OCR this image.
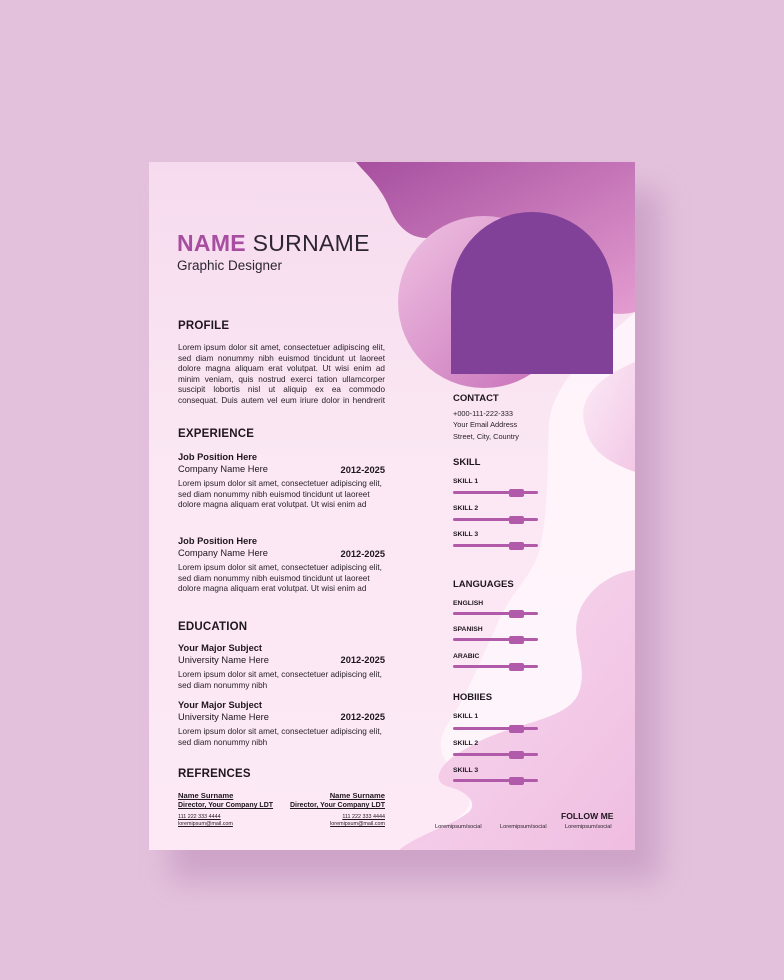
NAME SURNAME
Graphic Designer
PROFILE
Lorem ipsum dolor sit amet, consectetuer adipiscing elit, sed diam nonummy nibh euismod tincidunt ut laoreet dolore magna aliquam erat volutpat. Ut wisi enim ad minim veniam, quis nostrud exerci tation ullamcorper suscipit lobortis nisl ut aliquip ex ea commodo consequat. Duis autem vel eum iriure dolor in hendrerit
EXPERIENCE
Job Position Here
Company Name Here	2012-2025
Lorem ipsum dolor sit amet, consectetuer adipiscing elit, sed diam nonummy nibh euismod tincidunt ut laoreet dolore magna aliquam erat volutpat. Ut wisi enim ad
Job Position Here
Company Name Here	2012-2025
Lorem ipsum dolor sit amet, consectetuer adipiscing elit, sed diam nonummy nibh euismod tincidunt ut laoreet dolore magna aliquam erat volutpat. Ut wisi enim ad
EDUCATION
Your Major Subject
University Name Here	2012-2025
Lorem ipsum dolor sit amet, consectetuer adipiscing elit, sed diam nonummy nibh
Your Major Subject
University Name Here	2012-2025
Lorem ipsum dolor sit amet, consectetuer adipiscing elit, sed diam nonummy nibh
REFRENCES
Name Surname
Director, Your Company LDT
111 222 333 4444
loremipsum@mail.com
Name Surname
Director, Your Company LDT
111 222 333 4444
loremipsum@mail.com
CONTACT
+000-111-222-333
Your Email Address
Street, City, Country
SKILL
SKILL 1
SKILL 2
SKILL 3
LANGUAGES
ENGLISH
SPANISH
ARABIC
HOBIIES
SKILL 1
SKILL 2
SKILL 3
FOLLOW ME
Loremipsum/social	Loremipsum/social	Loremipsum/social
